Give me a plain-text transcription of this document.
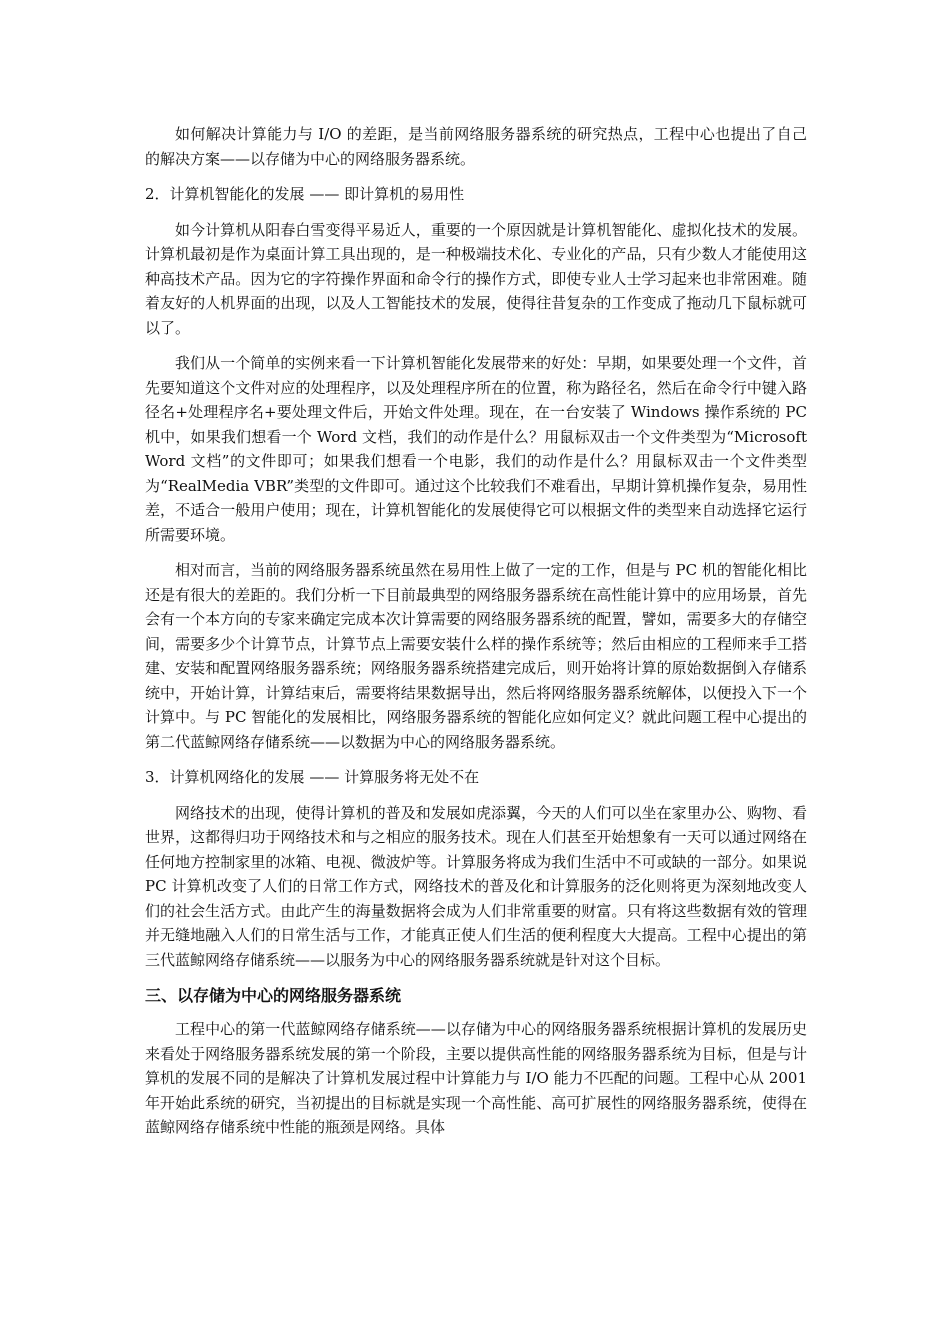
如何解决计算能力与 I/O 的差距，是当前网络服务器系统的研究热点，工程中心也提出了自己的解决方案——以存储为中心的网络服务器系统。

2．计算机智能化的发展 —— 即计算机的易用性

如今计算机从阳春白雪变得平易近人，重要的一个原因就是计算机智能化、虚拟化技术的发展。计算机最初是作为桌面计算工具出现的，是一种极端技术化、专业化的产品，只有少数人才能使用这种高技术产品。因为它的字符操作界面和命令行的操作方式，即使专业人士学习起来也非常困难。随着友好的人机界面的出现，以及人工智能技术的发展，使得往昔复杂的工作变成了拖动几下鼠标就可以了。

我们从一个简单的实例来看一下计算机智能化发展带来的好处：早期，如果要处理一个文件，首先要知道这个文件对应的处理程序，以及处理程序所在的位置，称为路径名，然后在命令行中键入路径名+处理程序名+要处理文件后，开始文件处理。现在，在一台安装了 Windows 操作系统的 PC 机中，如果我们想看一个 Word 文档，我们的动作是什么？用鼠标双击一个文件类型为“Microsoft Word 文档”的文件即可；如果我们想看一个电影，我们的动作是什么？用鼠标双击一个文件类型为“RealMedia VBR”类型的文件即可。通过这个比较我们不难看出，早期计算机操作复杂，易用性差，不适合一般用户使用；现在，计算机智能化的发展使得它可以根据文件的类型来自动选择它运行所需要环境。

相对而言，当前的网络服务器系统虽然在易用性上做了一定的工作，但是与 PC 机的智能化相比还是有很大的差距的。我们分析一下目前最典型的网络服务器系统在高性能计算中的应用场景，首先会有一个本方向的专家来确定完成本次计算需要的网络服务器系统的配置，譬如，需要多大的存储空间，需要多少个计算节点，计算节点上需要安装什么样的操作系统等；然后由相应的工程师来手工搭建、安装和配置网络服务器系统；网络服务器系统搭建完成后，则开始将计算的原始数据倒入存储系统中，开始计算，计算结束后，需要将结果数据导出，然后将网络服务器系统解体，以便投入下一个计算中。与 PC 智能化的发展相比，网络服务器系统的智能化应如何定义？就此问题工程中心提出的第二代蓝鲸网络存储系统——以数据为中心的网络服务器系统。

3．计算机网络化的发展 —— 计算服务将无处不在

网络技术的出现，使得计算机的普及和发展如虎添翼，今天的人们可以坐在家里办公、购物、看世界，这都得归功于网络技术和与之相应的服务技术。现在人们甚至开始想象有一天可以通过网络在任何地方控制家里的冰箱、电视、微波炉等。计算服务将成为我们生活中不可或缺的一部分。如果说 PC 计算机改变了人们的日常工作方式，网络技术的普及化和计算服务的泛化则将更为深刻地改变人们的社会生活方式。由此产生的海量数据将会成为人们非常重要的财富。只有将这些数据有效的管理并无缝地融入人们的日常生活与工作，才能真正使人们生活的便利程度大大提高。工程中心提出的第三代蓝鲸网络存储系统——以服务为中心的网络服务器系统就是针对这个目标。

三、以存储为中心的网络服务器系统

工程中心的第一代蓝鲸网络存储系统——以存储为中心的网络服务器系统根据计算机的发展历史来看处于网络服务器系统发展的第一个阶段，主要以提供高性能的网络服务器系统为目标，但是与计算机的发展不同的是解决了计算机发展过程中计算能力与 I/O 能力不匹配的问题。工程中心从 2001 年开始此系统的研究，当初提出的目标就是实现一个高性能、高可扩展性的网络服务器系统，使得在蓝鲸网络存储系统中性能的瓶颈是网络。具体
